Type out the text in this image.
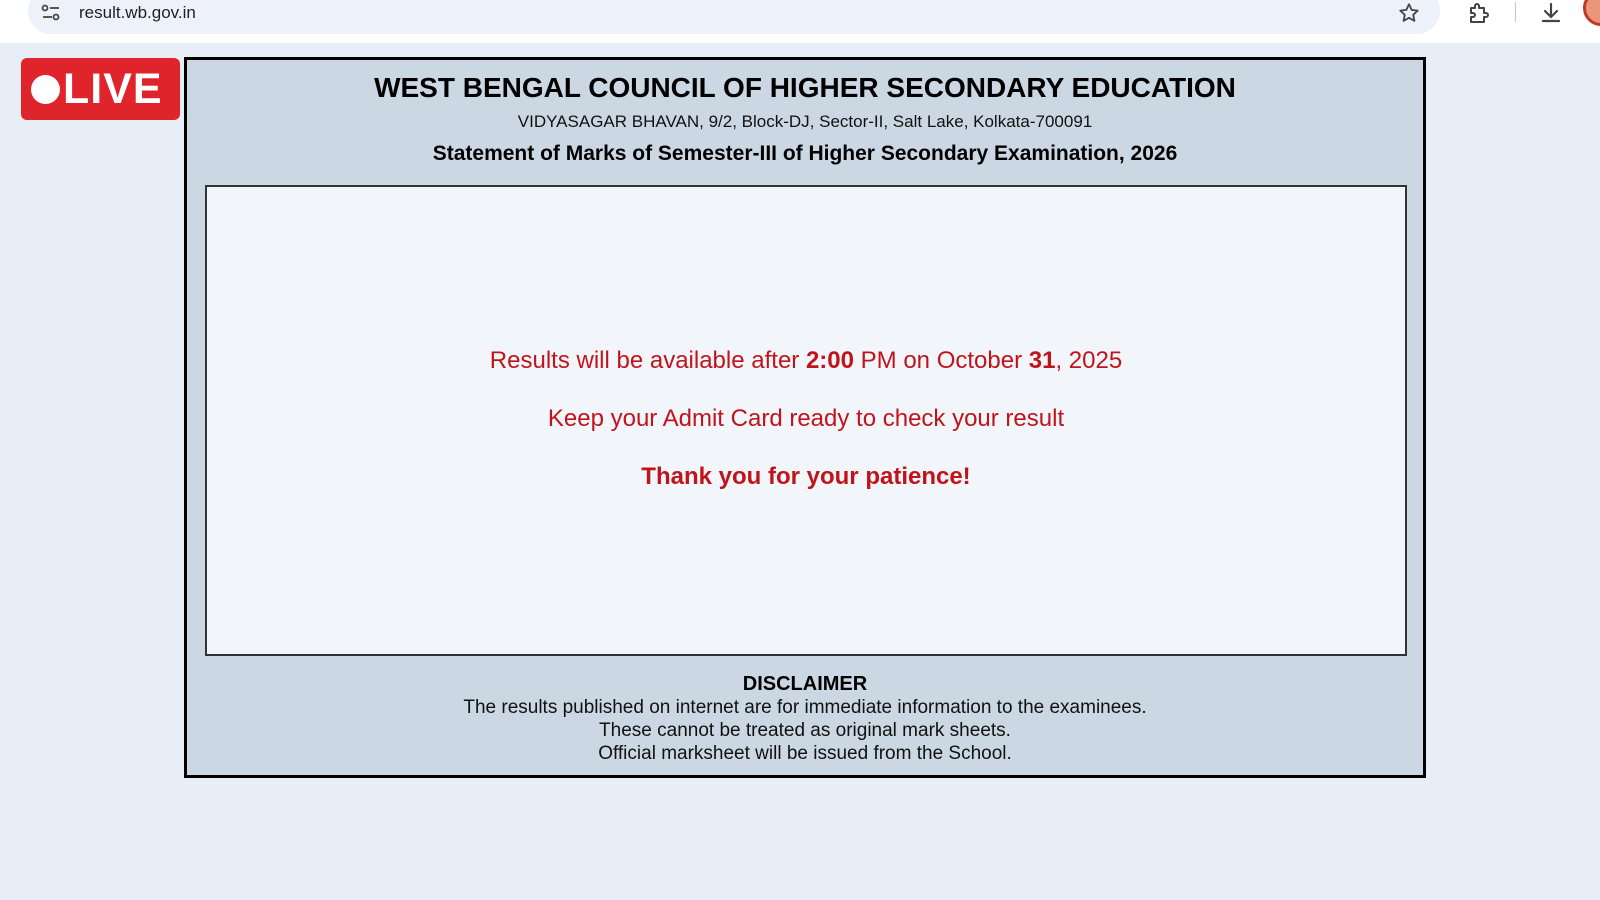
result.wb.gov.in
LIVE	WEST BENGAL COUNCIL OF HIGHER SECONDARY EDUCATION
VIDYASAGAR BHAVAN, 9/2, Block-DJ, Sector-II, Salt Lake, Kolkata-700091
Statement of Marks of Semester-III of Higher Secondary Examination, 2026
Results will be available after 2:00 PM on October 31, 2025
Keep your Admit Card ready to check your result
Thank you for your patience!
DISCLAIMER
The results published on internet are for immediate information to the examinees.
These cannot be treated as original mark sheets.
Official marksheet will be issued from the School.
